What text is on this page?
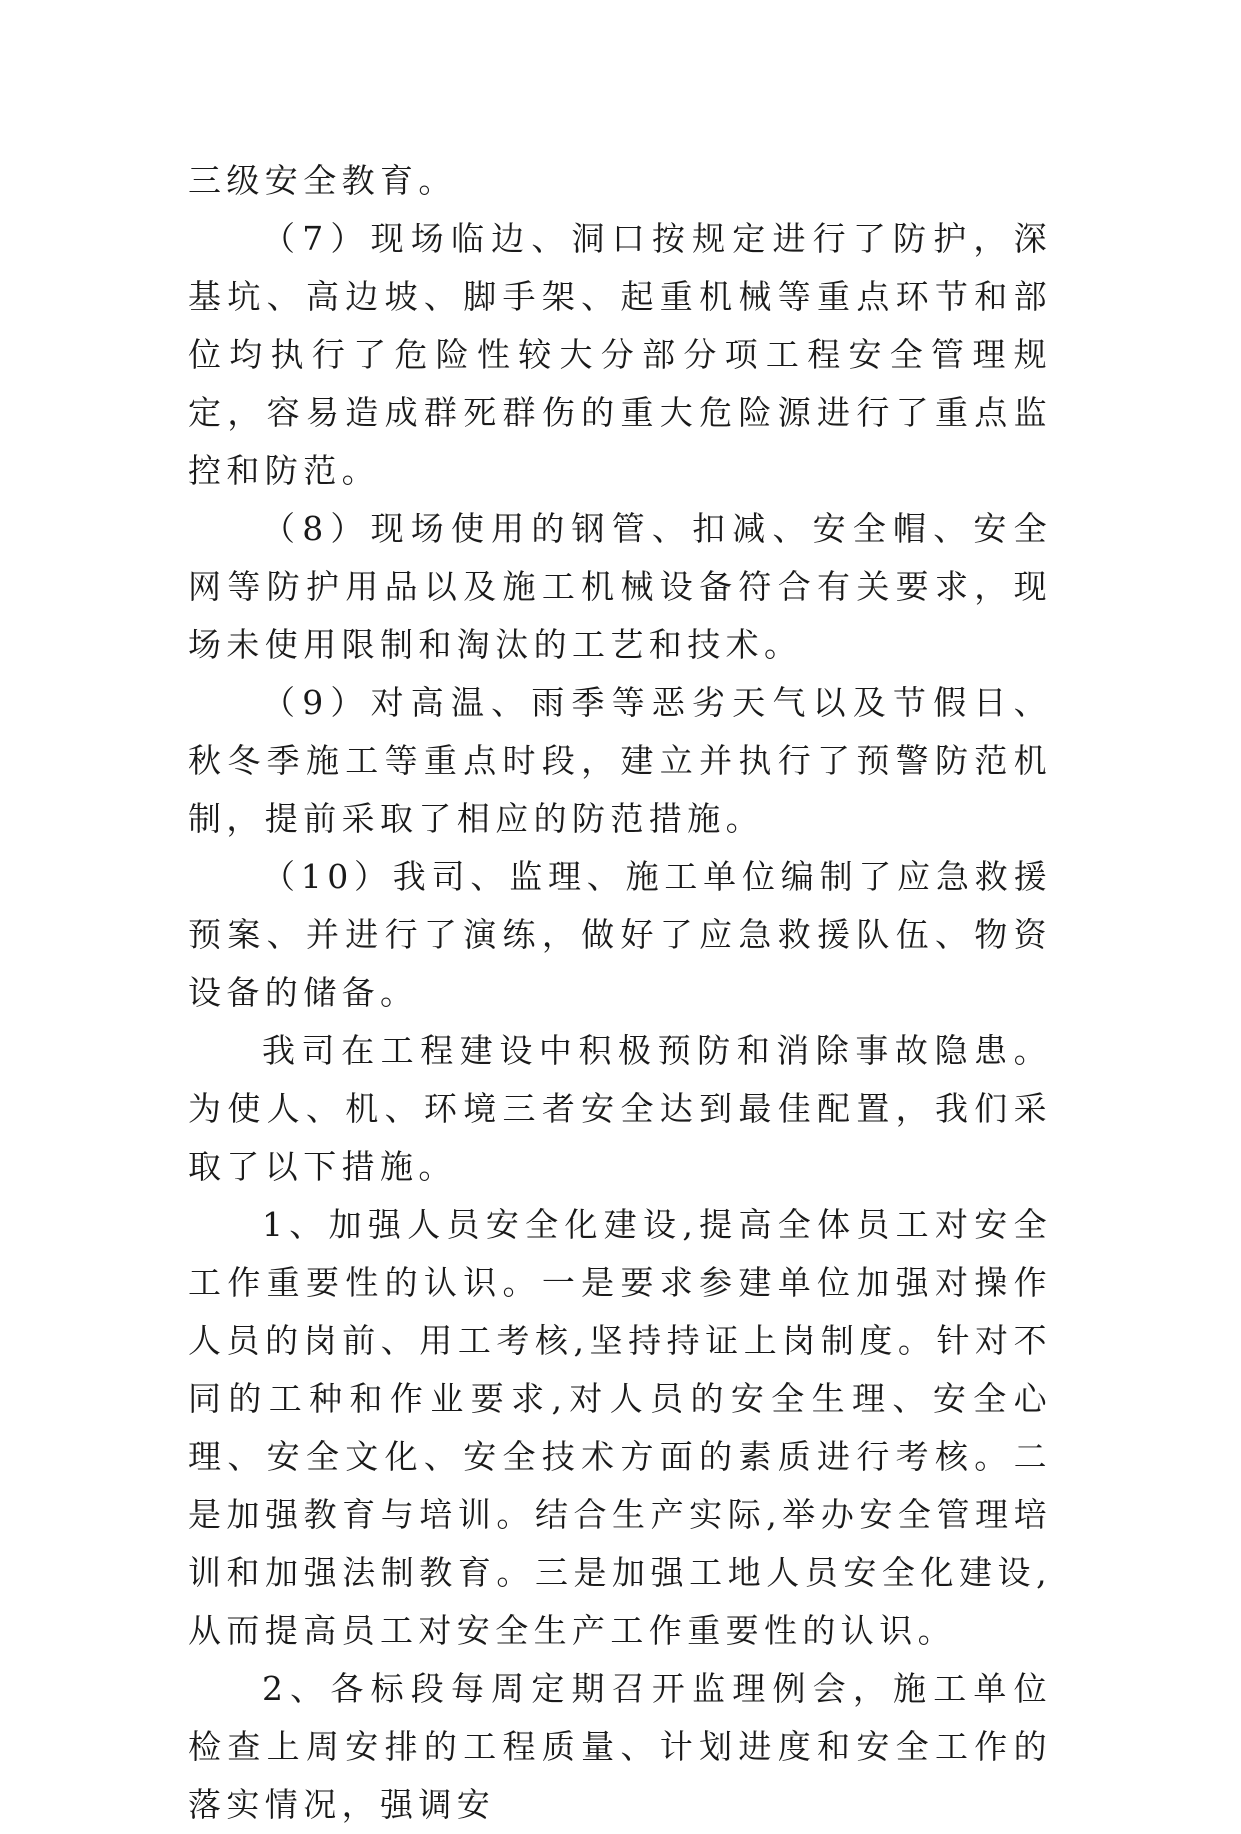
三级安全教育。

（7）现场临边、洞口按规定进行了防护，深基坑、高边坡、脚手架、起重机械等重点环节和部位均执行了危险性较大分部分项工程安全管理规定，容易造成群死群伤的重大危险源进行了重点监控和防范。

（8）现场使用的钢管、扣减、安全帽、安全网等防护用品以及施工机械设备符合有关要求，现场未使用限制和淘汰的工艺和技术。

（9）对高温、雨季等恶劣天气以及节假日、秋冬季施工等重点时段，建立并执行了预警防范机制，提前采取了相应的防范措施。

（10）我司、监理、施工单位编制了应急救援预案、并进行了演练，做好了应急救援队伍、物资设备的储备。

我司在工程建设中积极预防和消除事故隐患。为使人、机、环境三者安全达到最佳配置，我们采取了以下措施。

1、加强人员安全化建设,提高全体员工对安全工作重要性的认识。一是要求参建单位加强对操作人员的岗前、用工考核,坚持持证上岗制度。针对不同的工种和作业要求,对人员的安全生理、安全心理、安全文化、安全技术方面的素质进行考核。二是加强教育与培训。结合生产实际,举办安全管理培训和加强法制教育。三是加强工地人员安全化建设,从而提高员工对安全生产工作重要性的认识。

2、各标段每周定期召开监理例会，施工单位检查上周安排的工程质量、计划进度和安全工作的落实情况，强调安
